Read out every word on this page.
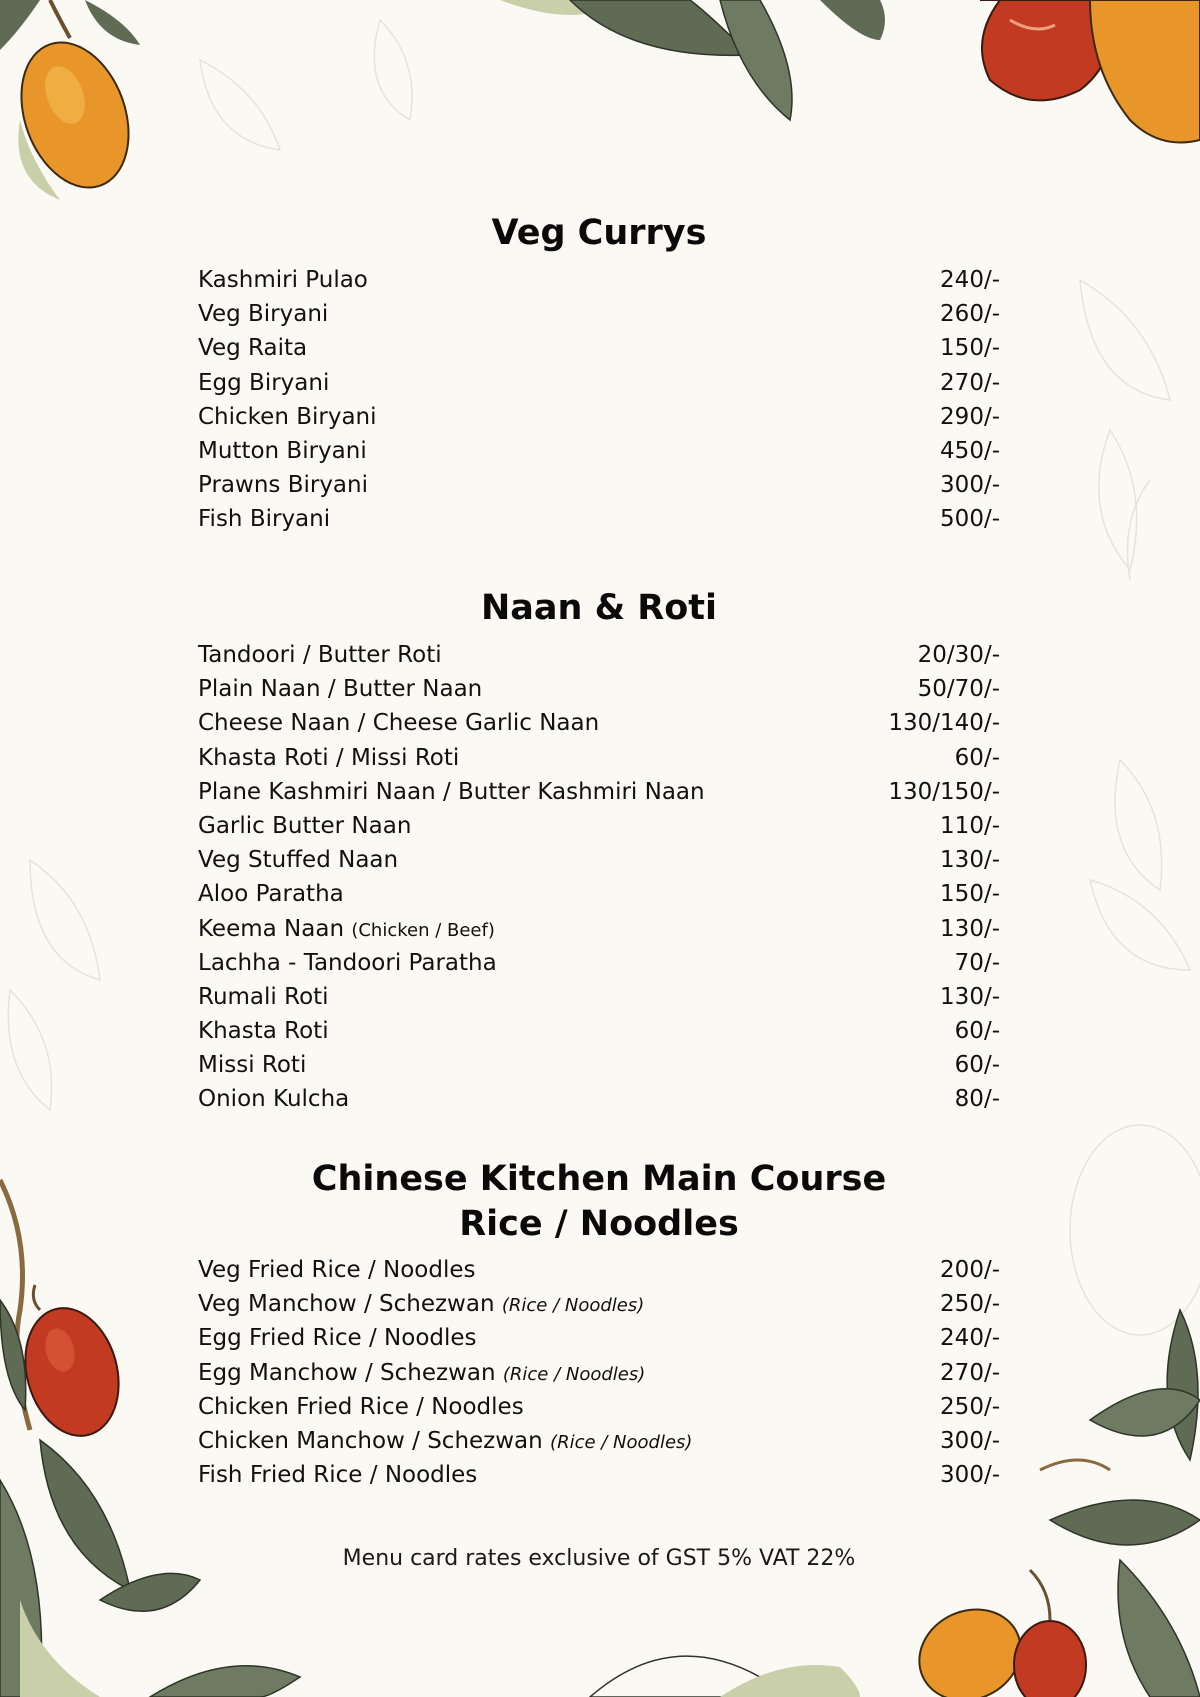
Veg Currys
Kashmiri Pulao	240/-
Veg Biryani	260/-
Veg Raita	150/-
Egg Biryani	270/-
Chicken Biryani	290/-
Mutton Biryani	450/-
Prawns Biryani	300/-
Fish Biryani	500/-
Naan & Roti
Tandoori / Butter Roti	20/30/-
Plain Naan / Butter Naan	50/70/-
Cheese Naan / Cheese Garlic Naan	130/140/-
Khasta Roti / Missi Roti	60/-
Plane Kashmiri Naan / Butter Kashmiri Naan	130/150/-
Garlic Butter Naan	110/-
Veg Stuffed Naan	130/-
Aloo Paratha	150/-
Keema Naan (Chicken / Beef)	130/-
Lachha - Tandoori Paratha	70/-
Rumali Roti	130/-
Khasta Roti	60/-
Missi Roti	60/-
Onion Kulcha	80/-
Chinese Kitchen Main Course
Rice / Noodles
Veg Fried Rice / Noodles	200/-
Veg Manchow / Schezwan (Rice / Noodles)	250/-
Egg Fried Rice / Noodles	240/-
Egg Manchow / Schezwan (Rice / Noodles)	270/-
Chicken Fried Rice / Noodles	250/-
Chicken Manchow / Schezwan (Rice / Noodles)	300/-
Fish Fried Rice / Noodles	300/-
Menu card rates exclusive of GST 5% VAT 22%
